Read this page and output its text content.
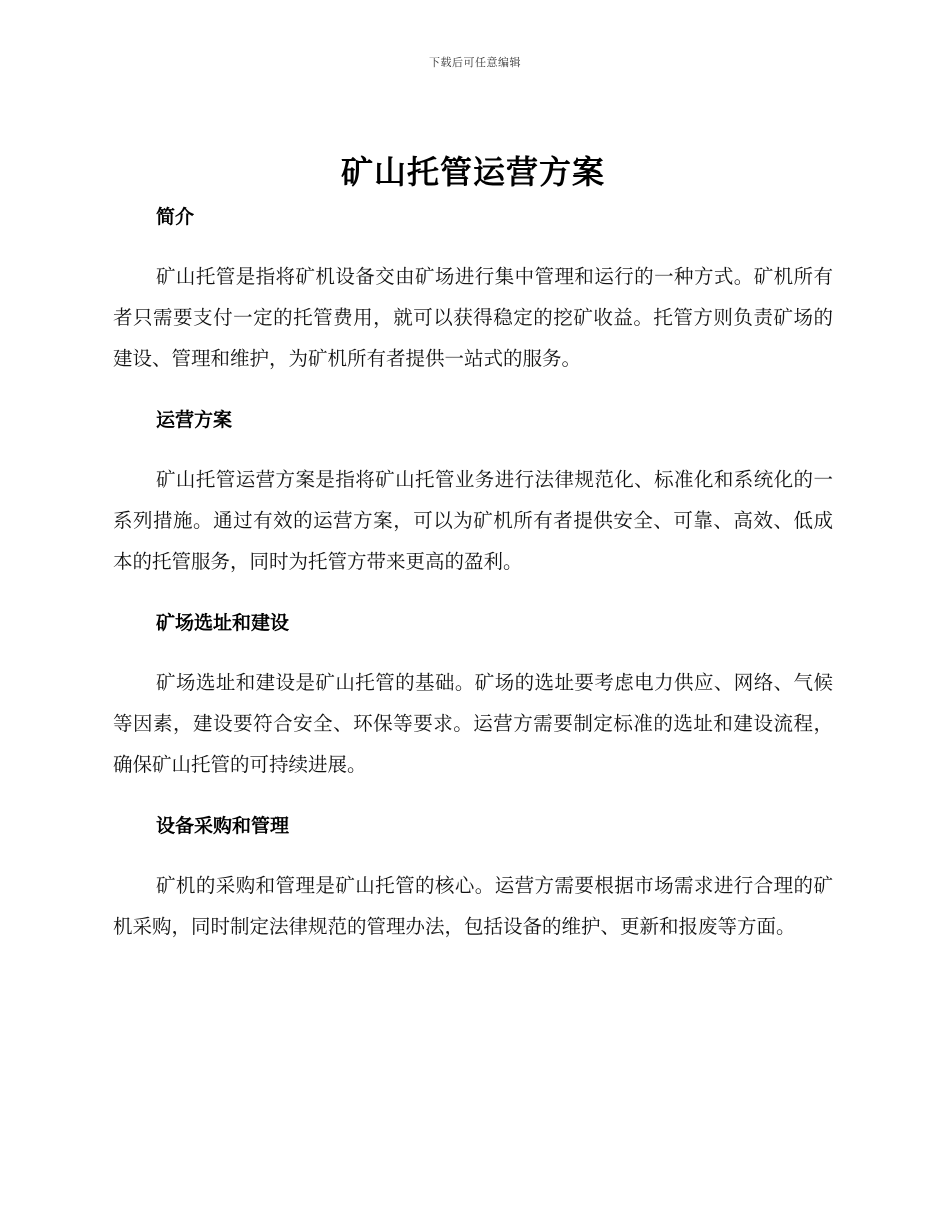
下载后可任意编辑
矿山托管运营方案
简介

矿山托管是指将矿机设备交由矿场进行集中管理和运行的一种方式。矿机所有者只需要支付一定的托管费用，就可以获得稳定的挖矿收益。托管方则负责矿场的建设、管理和维护，为矿机所有者提供一站式的服务。

运营方案

矿山托管运营方案是指将矿山托管业务进行法律规范化、标准化和系统化的一系列措施。通过有效的运营方案，可以为矿机所有者提供安全、可靠、高效、低成本的托管服务，同时为托管方带来更高的盈利。

矿场选址和建设

矿场选址和建设是矿山托管的基础。矿场的选址要考虑电力供应、网络、气候等因素，建设要符合安全、环保等要求。运营方需要制定标准的选址和建设流程，确保矿山托管的可持续进展。

设备采购和管理

矿机的采购和管理是矿山托管的核心。运营方需要根据市场需求进行合理的矿机采购，同时制定法律规范的管理办法，包括设备的维护、更新和报废等方面。
